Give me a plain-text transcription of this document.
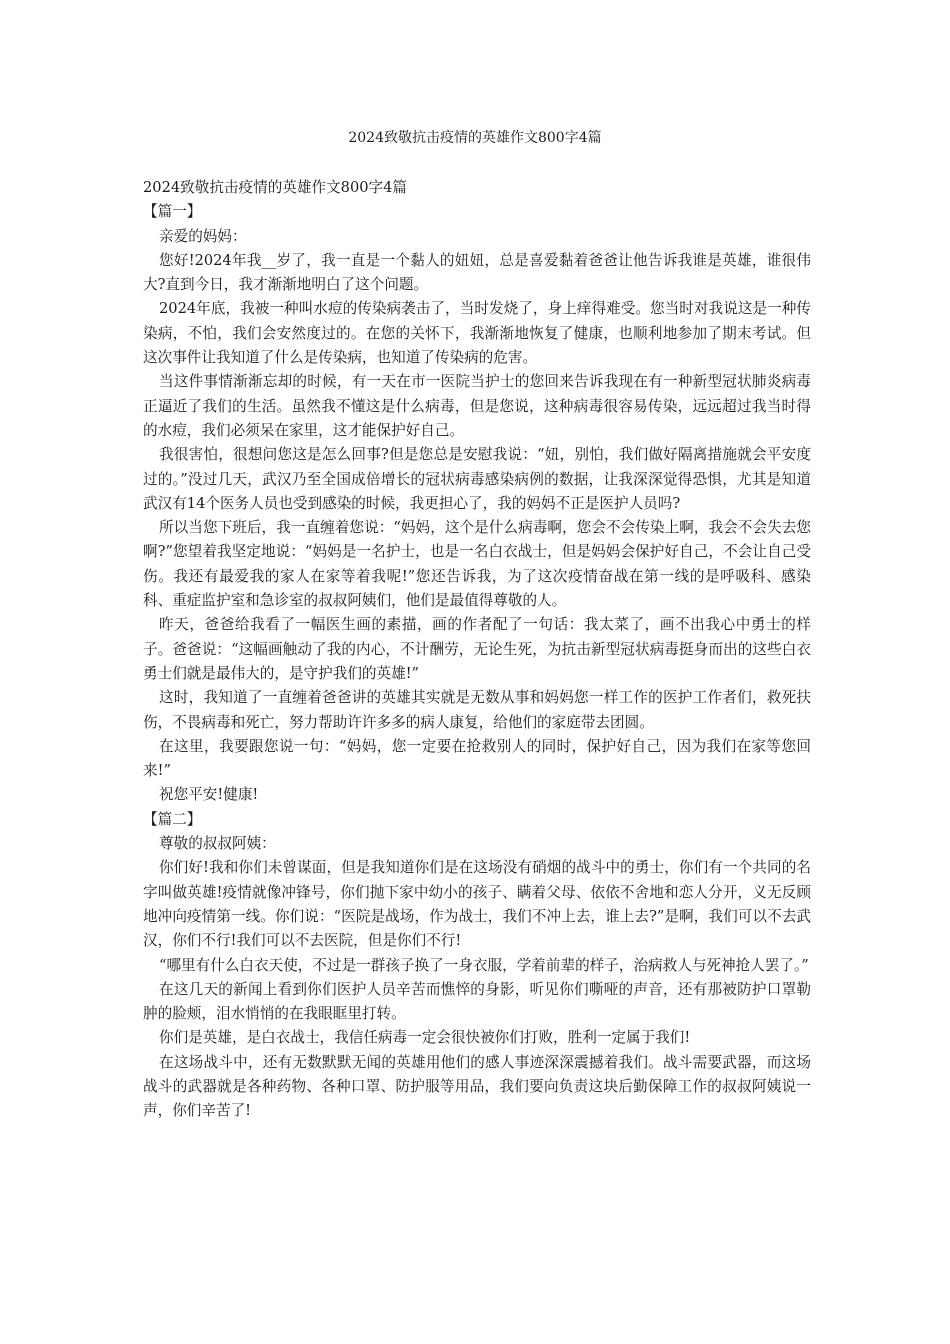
2024致敬抗击疫情的英雄作文800字4篇

2024致敬抗击疫情的英雄作文800字4篇

【篇一】

亲爱的妈妈：

您好!2024年我__岁了，我一直是一个黏人的妞妞，总是喜爱黏着爸爸让他告诉我谁是英雄，谁很伟大?直到今日，我才渐渐地明白了这个问题。

2024年底，我被一种叫水痘的传染病袭击了，当时发烧了，身上痒得难受。您当时对我说这是一种传染病，不怕，我们会安然度过的。在您的关怀下，我渐渐地恢复了健康，也顺利地参加了期末考试。但这次事件让我知道了什么是传染病，也知道了传染病的危害。

当这件事情渐渐忘却的时候，有一天在市一医院当护士的您回来告诉我现在有一种新型冠状肺炎病毒正逼近了我们的生活。虽然我不懂这是什么病毒，但是您说，这种病毒很容易传染，远远超过我当时得的水痘，我们必须呆在家里，这才能保护好自己。

我很害怕，很想问您这是怎么回事?但是您总是安慰我说：“妞，别怕，我们做好隔离措施就会平安度过的。”没过几天，武汉乃至全国成倍增长的冠状病毒感染病例的数据，让我深深觉得恐惧，尤其是知道武汉有14个医务人员也受到感染的时候，我更担心了，我的妈妈不正是医护人员吗?

所以当您下班后，我一直缠着您说：“妈妈，这个是什么病毒啊，您会不会传染上啊，我会不会失去您啊?”您望着我坚定地说：“妈妈是一名护士，也是一名白衣战士，但是妈妈会保护好自己，不会让自己受伤。我还有最爱我的家人在家等着我呢!”您还告诉我，为了这次疫情奋战在第一线的是呼吸科、感染科、重症监护室和急诊室的叔叔阿姨们，他们是最值得尊敬的人。

昨天，爸爸给我看了一幅医生画的素描，画的作者配了一句话：我太菜了，画不出我心中勇士的样子。爸爸说：“这幅画触动了我的内心，不计酬劳，无论生死，为抗击新型冠状病毒挺身而出的这些白衣勇士们就是最伟大的，是守护我们的英雄!”

这时，我知道了一直缠着爸爸讲的英雄其实就是无数从事和妈妈您一样工作的医护工作者们，救死扶伤，不畏病毒和死亡，努力帮助许许多多的病人康复，给他们的家庭带去团圆。

在这里，我要跟您说一句：“妈妈，您一定要在抢救别人的同时，保护好自己，因为我们在家等您回来!”

祝您平安!健康!

【篇二】

尊敬的叔叔阿姨：

你们好!我和你们未曾谋面，但是我知道你们是在这场没有硝烟的战斗中的勇士，你们有一个共同的名字叫做英雄!疫情就像冲锋号，你们抛下家中幼小的孩子、瞒着父母、依依不舍地和恋人分开，义无反顾地冲向疫情第一线。你们说：“医院是战场，作为战士，我们不冲上去，谁上去?”是啊，我们可以不去武汉，你们不行!我们可以不去医院，但是你们不行!

“哪里有什么白衣天使，不过是一群孩子换了一身衣服，学着前辈的样子，治病救人与死神抢人罢了。”

在这几天的新闻上看到你们医护人员辛苦而憔悴的身影，听见你们嘶哑的声音，还有那被防护口罩勒肿的脸颊，泪水悄悄的在我眼眶里打转。

你们是英雄，是白衣战士，我信任病毒一定会很快被你们打败，胜利一定属于我们!

在这场战斗中，还有无数默默无闻的英雄用他们的感人事迹深深震撼着我们。战斗需要武器，而这场战斗的武器就是各种药物、各种口罩、防护服等用品，我们要向负责这块后勤保障工作的叔叔阿姨说一声，你们辛苦了!
